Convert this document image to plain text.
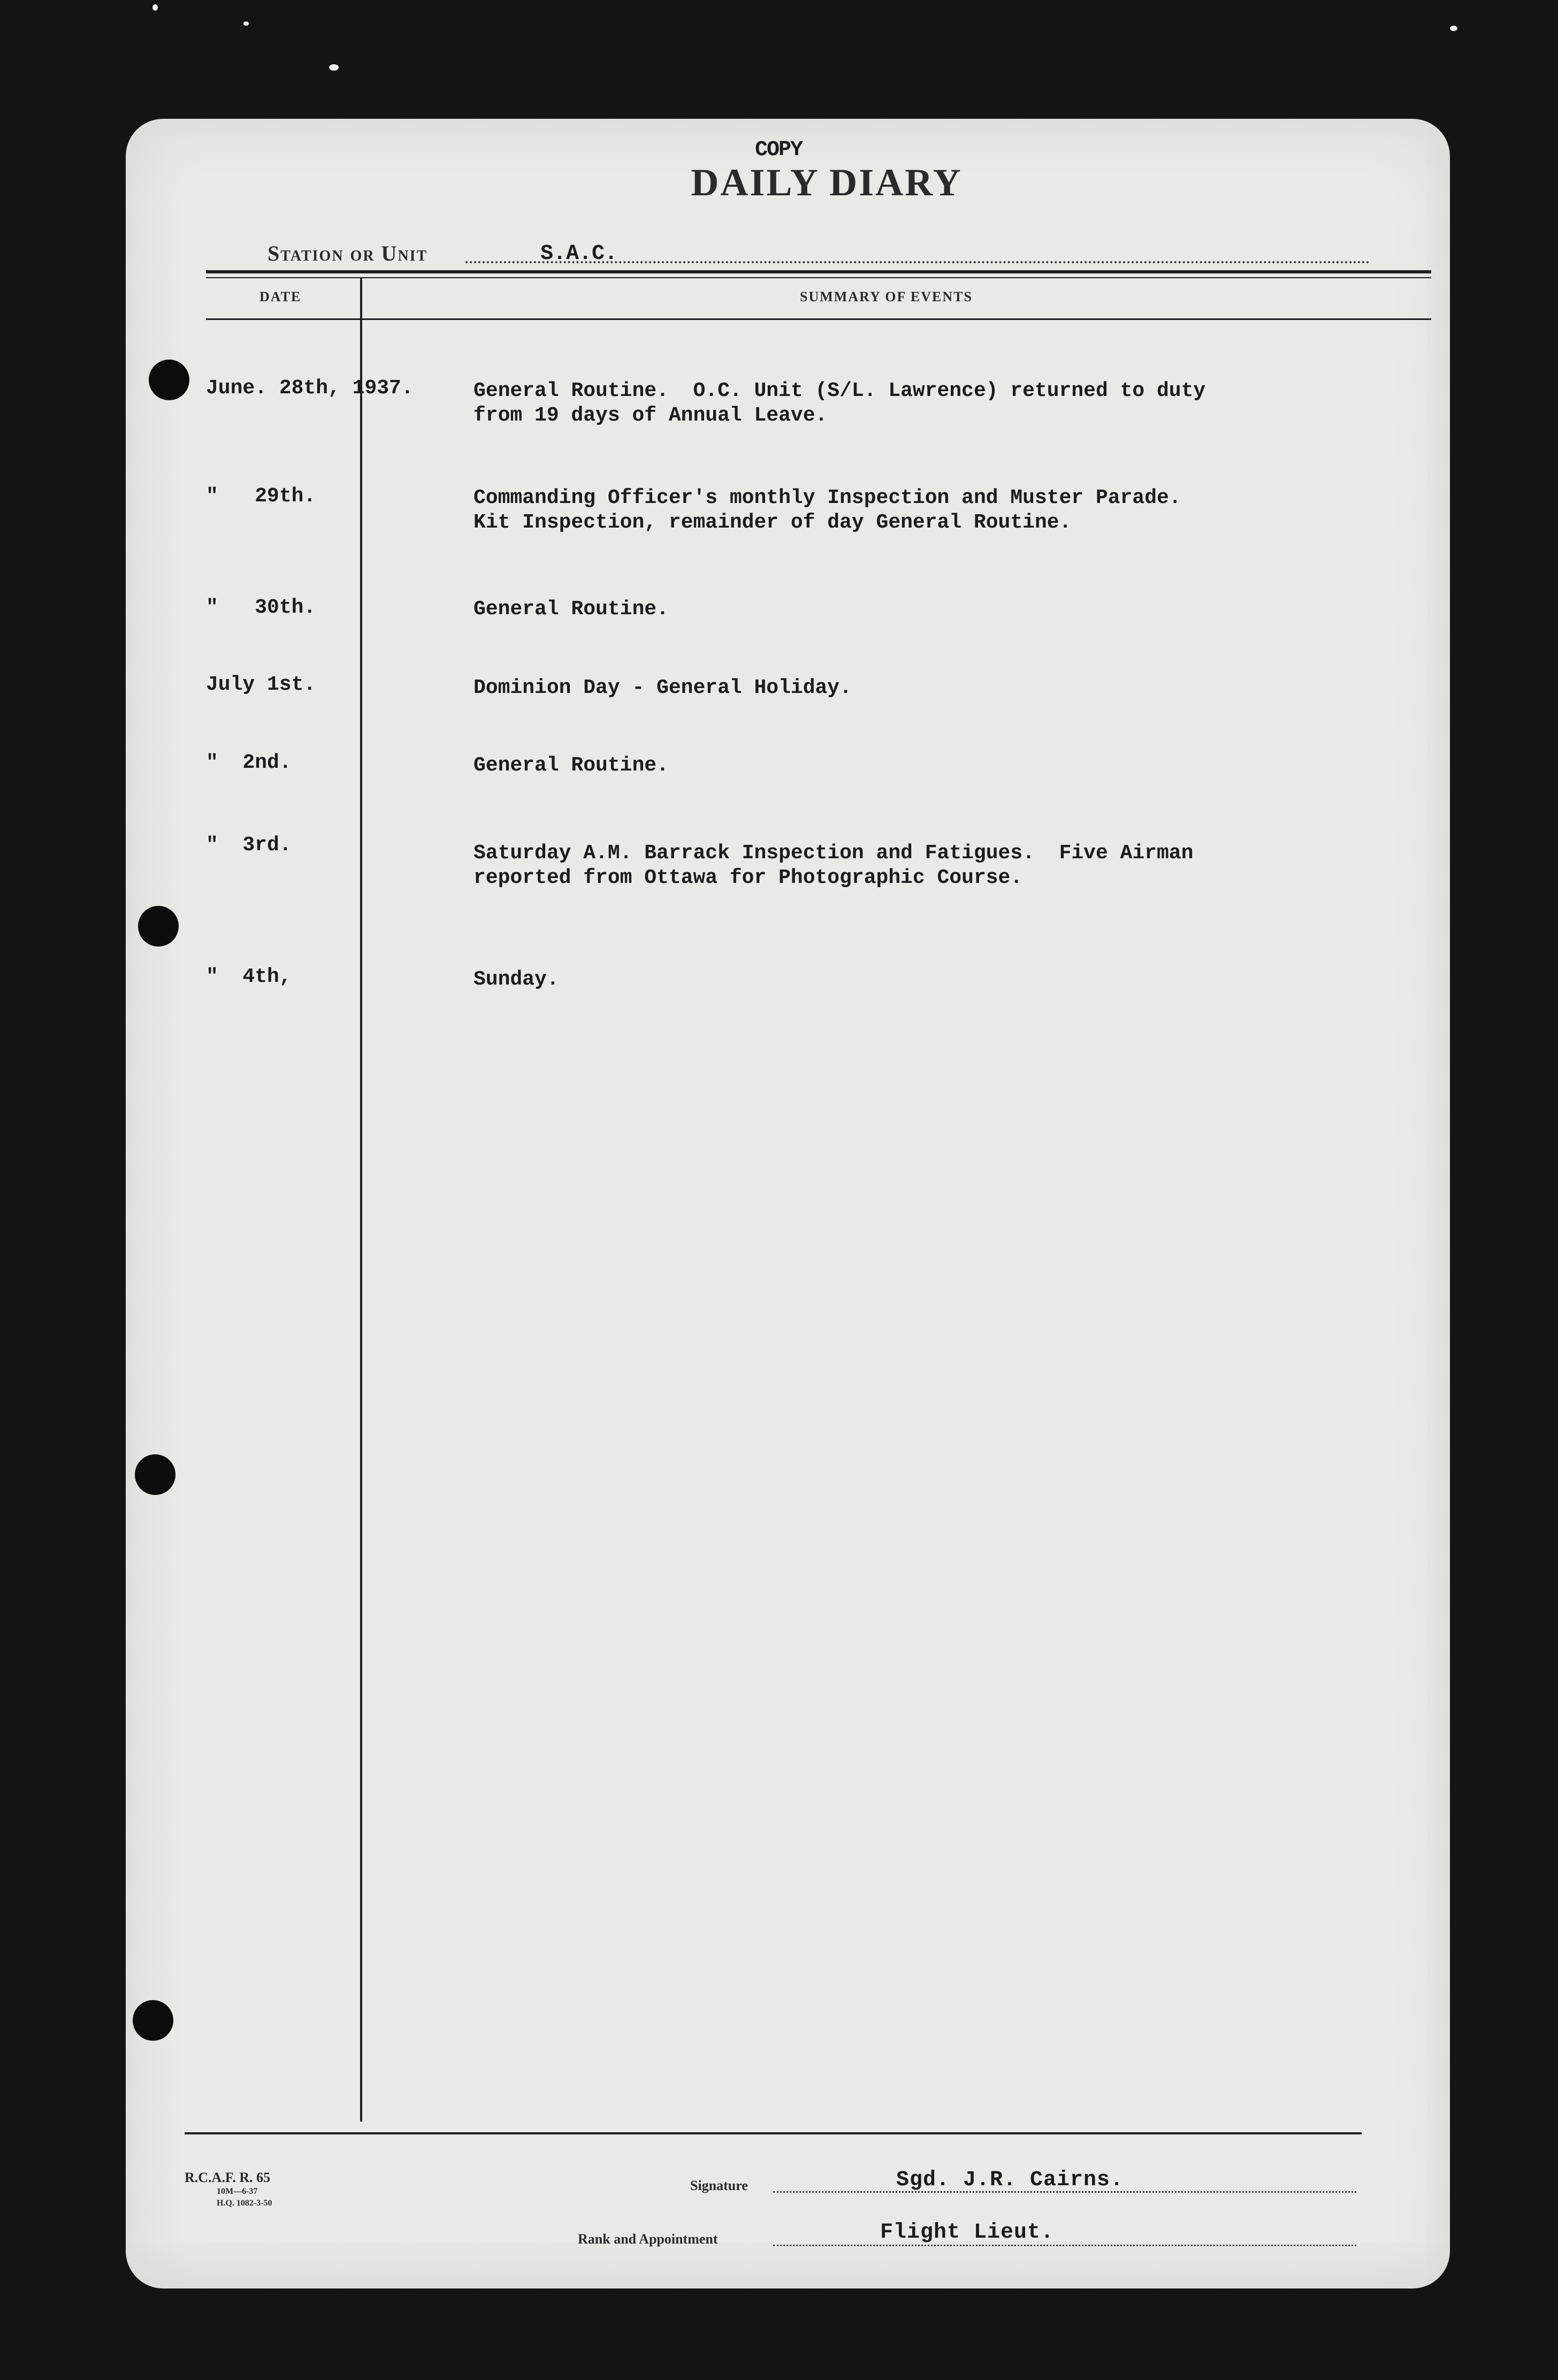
COPY
DAILY DIARY
Station or Unit	S.A.C.
DATE	SUMMARY OF EVENTS
June. 28th, 1937.	General Routine.  O.C. Unit (S/L. Lawrence) returned to duty
from 19 days of Annual Leave.
"   29th.	Commanding Officer's monthly Inspection and Muster Parade.
Kit Inspection, remainder of day General Routine.
"   30th.	General Routine.
July 1st.	Dominion Day - General Holiday.
"  2nd.	General Routine.
"  3rd.	Saturday A.M. Barrack Inspection and Fatigues.  Five Airman
reported from Ottawa for Photographic Course.
"  4th,	Sunday.
R.C.A.F. R. 65
10M—6-37
H.Q. 1082-3-50
Signature	Sgd. J.R. Cairns.
Rank and Appointment	Flight Lieut.
